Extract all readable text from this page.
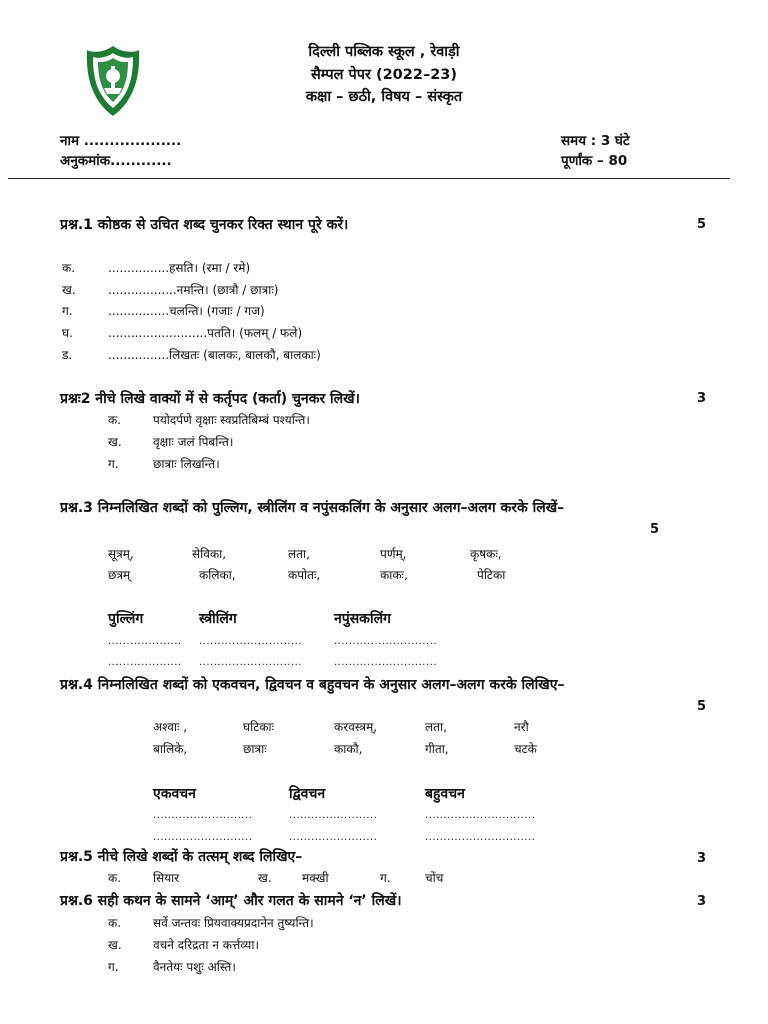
दिल्ली पब्लिक स्कूल , रेवाड़ी
सैम्पल पेपर (2022–23)
कक्षा – छठी, विषय – संस्कृत
नाम ...................
अनुकमांक............
समय : 3 घंटे
पूर्णांक – 80
प्रश्न.1 कोष्ठक से उचित शब्द चुनकर रिक्त स्थान पूरे करें।	5
क.	................हसति। (रमा / रमे)
ख.	..................नमन्ति। (छात्रौ / छात्राः)
ग.	................चलन्ति। (गजाः / गज)
घ.	..........................पतति। (फलम् / फले)
ड.	................लिखतः (बालकः, बालकौ, बालकाः)
प्रश्नः2 नीचे लिखे वाक्यों में से कर्तृपद (कर्ता) चुनकर लिखें।	3
क.	पयोदर्पणे वृक्षाः स्वप्रतिबिम्बं पश्यन्ति।
ख.	वृक्षाः जलं पिबन्ति।
ग.	छात्राः लिखन्ति।
प्रश्न.3 निम्नलिखित शब्दों को पुल्लिग, स्त्रीलिंग व नपुंसकलिंग के अनुसार अलग–अलग करके लिखें–
5
सूत्रम्,	सेविका,	लता,	पर्णम्,	कृषकः,
छत्रम्	कलिका,	कपोतः,	काकः,	पेटिका
पुल्लिंग	स्त्रीलिंग	नपुंसकलिंग
.................... ............................	............................
.................... ............................	............................
प्रश्न.4 निम्नलिखित शब्दों को एकवचन, द्विवचन व बहुवचन के अनुसार अलग–अलग करके लिखिए–
5
अश्वाः ,	घटिकाः	करवस्त्रम्,	लता,	नरौ
बालिके,	छात्राः	काकौ,	गीता,	चटके
एकवचन	द्विवचन	बहुवचन
...........................	........................	..............................
...........................	........................	..............................
प्रश्न.5 नीचे लिखे शब्दों के तत्सम् शब्द लिखिए–	3
क.	सियार	ख.	मक्खी	ग.	चोंच
प्रश्न.6 सही कथन के सामने ‘आम्’ और गलत के सामने ‘न’ लिखें।	3
क.	सर्वे जन्तवः प्रियवाक्यप्रदानेन तुष्यन्ति।
ख.	वचने दरिद्रता न कर्त्तव्या।
ग.	वैनतेयः पशुः अस्ति।
